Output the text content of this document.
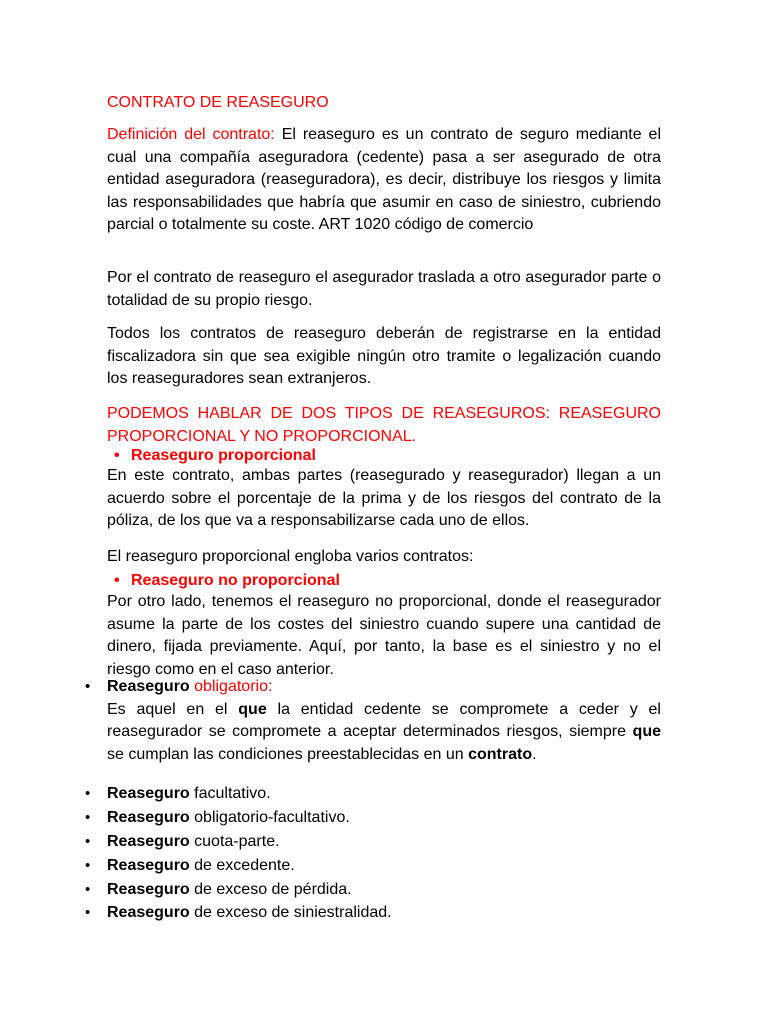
CONTRATO DE REASEGURO
Definición del contrato: El reaseguro es un contrato de seguro mediante el cual una compañía aseguradora (cedente) pasa a ser asegurado de otra entidad aseguradora (reaseguradora), es decir, distribuye los riesgos y limita las responsabilidades que habría que asumir en caso de siniestro, cubriendo parcial o totalmente su coste. ART 1020 código de comercio
Por el contrato de reaseguro el asegurador traslada a otro asegurador parte o totalidad de su propio riesgo.
Todos los contratos de reaseguro deberán de registrarse en la entidad fiscalizadora sin que sea exigible ningún otro tramite o legalización cuando los reaseguradores sean extranjeros.
PODEMOS HABLAR DE DOS TIPOS DE REASEGUROS: REASEGURO PROPORCIONAL Y NO PROPORCIONAL.
• Reaseguro proporcional
En este contrato, ambas partes (reasegurado y reasegurador) llegan a un acuerdo sobre el porcentaje de la prima y de los riesgos del contrato de la póliza, de los que va a responsabilizarse cada uno de ellos.
El reaseguro proporcional engloba varios contratos:
• Reaseguro no proporcional
Por otro lado, tenemos el reaseguro no proporcional, donde el reasegurador asume la parte de los costes del siniestro cuando supere una cantidad de dinero, fijada previamente. Aquí, por tanto, la base es el siniestro y no el riesgo como en el caso anterior.
• Reaseguro obligatorio:
Es aquel en el que la entidad cedente se compromete a ceder y el reasegurador se compromete a aceptar determinados riesgos, siempre que se cumplan las condiciones preestablecidas en un contrato.
• Reaseguro facultativo.
• Reaseguro obligatorio-facultativo.
• Reaseguro cuota-parte.
• Reaseguro de excedente.
• Reaseguro de exceso de pérdida.
• Reaseguro de exceso de siniestralidad.
